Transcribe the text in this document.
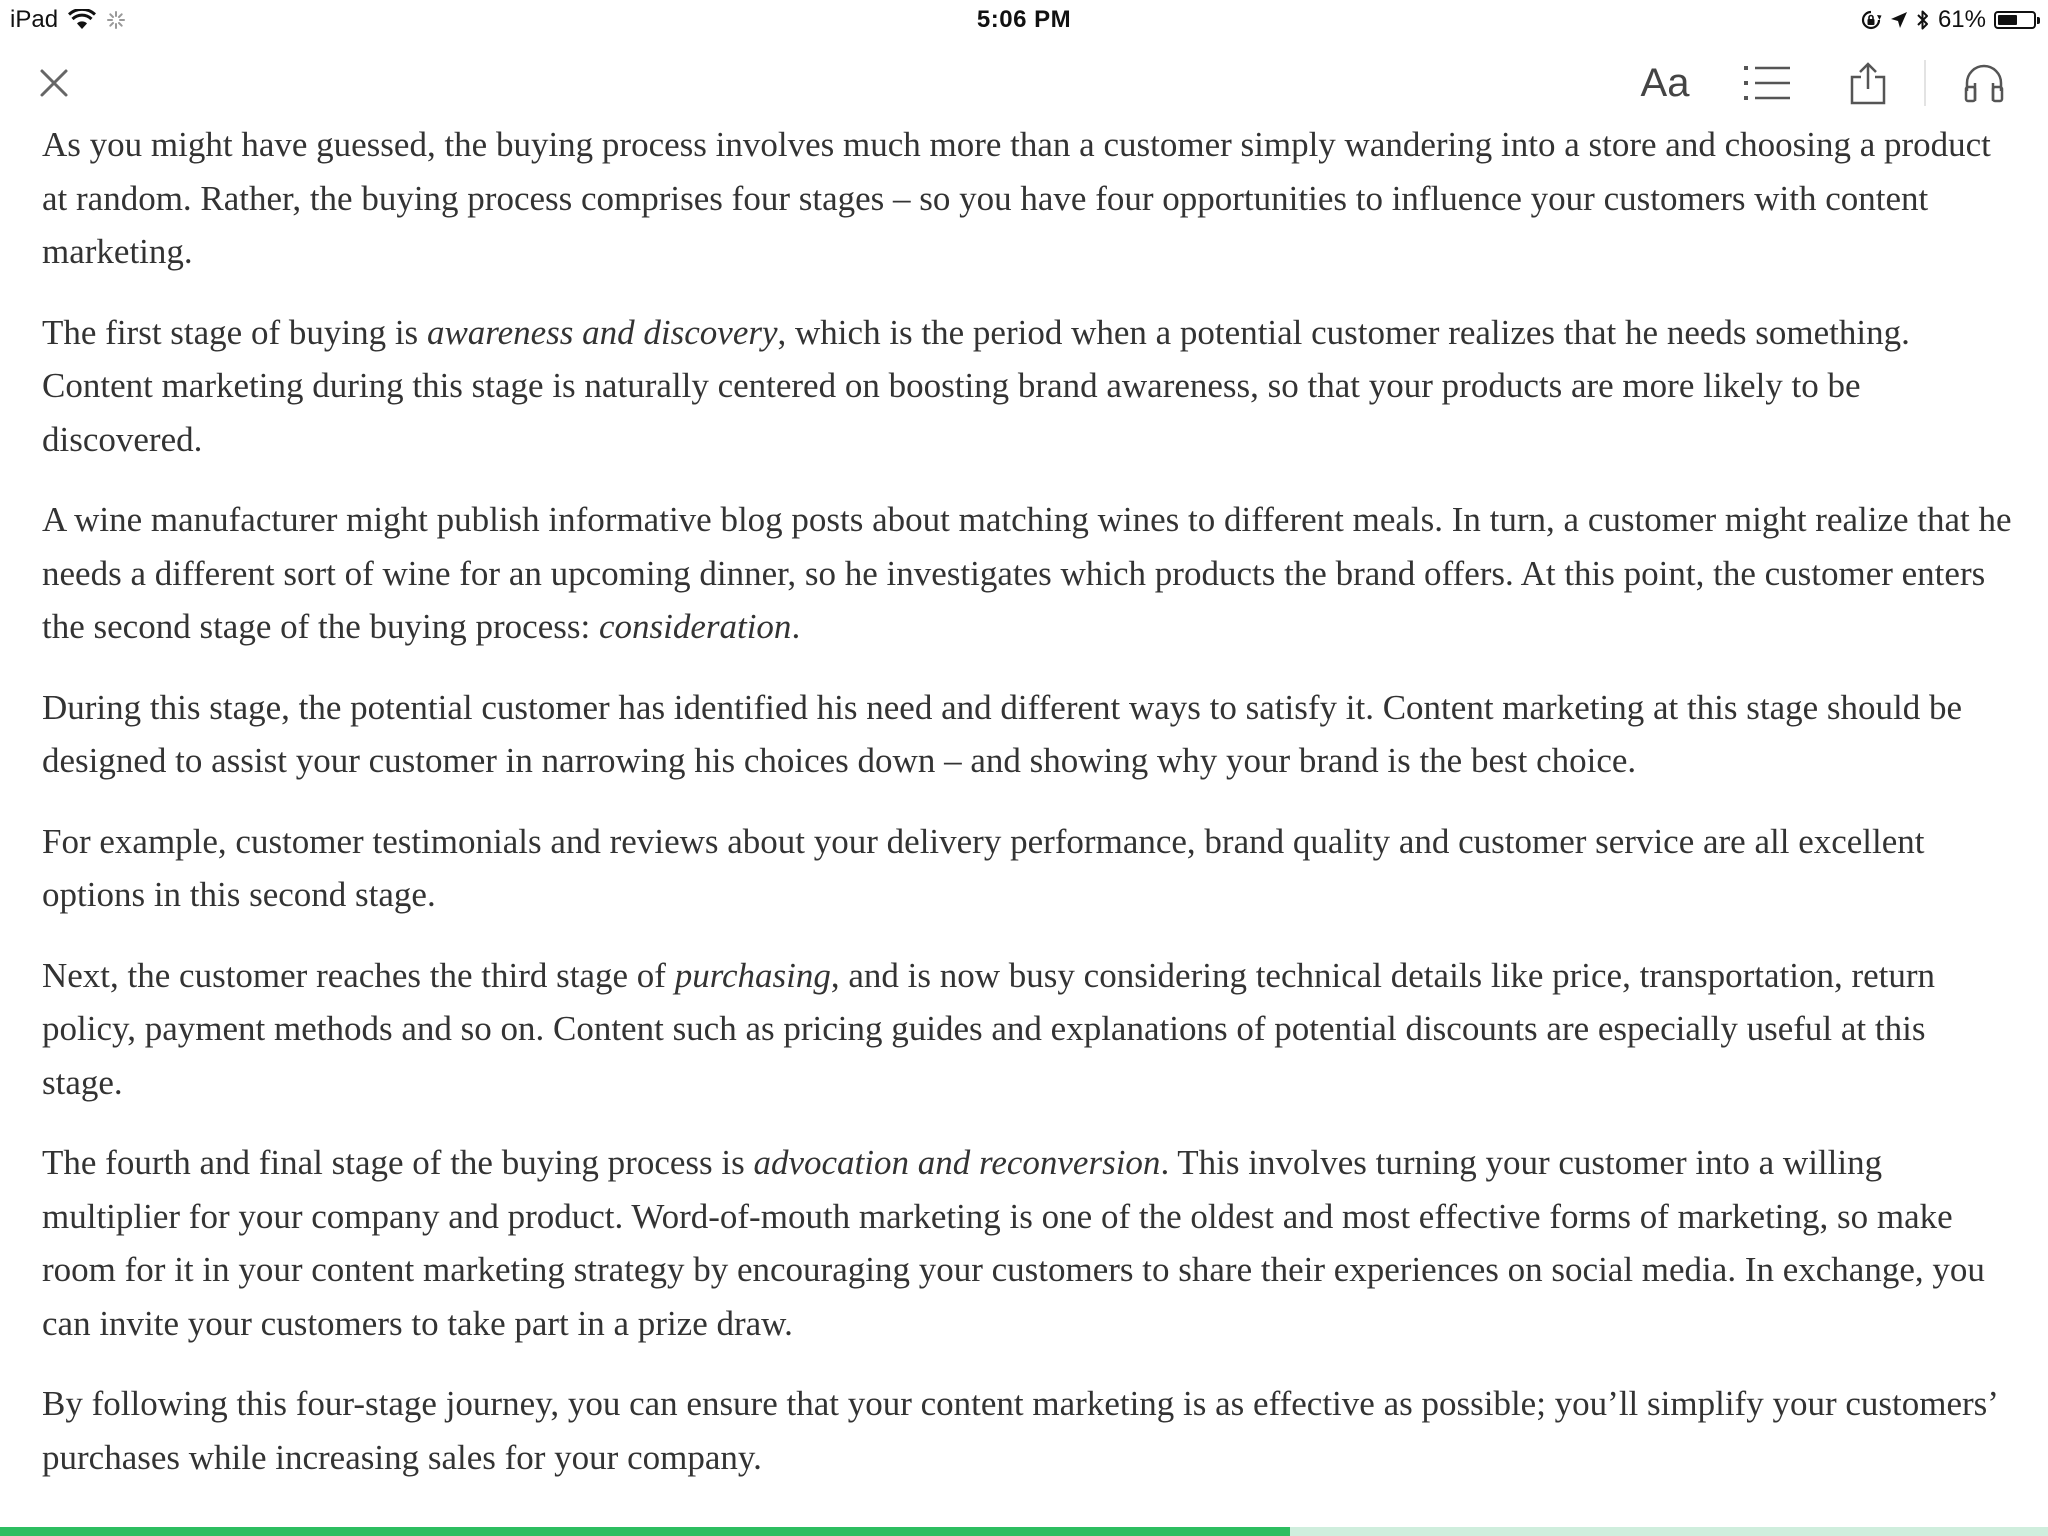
iPad	5:06 PM	61%
Aa

As you might have guessed, the buying process involves much more than a customer simply wandering into a store and choosing a product at random. Rather, the buying process comprises four stages – so you have four opportunities to influence your customers with content marketing.

The first stage of buying is awareness and discovery, which is the period when a potential customer realizes that he needs something. Content marketing during this stage is naturally centered on boosting brand awareness, so that your products are more likely to be discovered.

A wine manufacturer might publish informative blog posts about matching wines to different meals. In turn, a customer might realize that he needs a different sort of wine for an upcoming dinner, so he investigates which products the brand offers. At this point, the customer enters the second stage of the buying process: consideration.

During this stage, the potential customer has identified his need and different ways to satisfy it. Content marketing at this stage should be designed to assist your customer in narrowing his choices down – and showing why your brand is the best choice.

For example, customer testimonials and reviews about your delivery performance, brand quality and customer service are all excellent options in this second stage.

Next, the customer reaches the third stage of purchasing, and is now busy considering technical details like price, transportation, return policy, payment methods and so on. Content such as pricing guides and explanations of potential discounts are especially useful at this stage.

The fourth and final stage of the buying process is advocation and reconversion. This involves turning your customer into a willing multiplier for your company and product. Word-of-mouth marketing is one of the oldest and most effective forms of marketing, so make room for it in your content marketing strategy by encouraging your customers to share their experiences on social media. In exchange, you can invite your customers to take part in a prize draw.

By following this four-stage journey, you can ensure that your content marketing is as effective as possible; you’ll simplify your customers’ purchases while increasing sales for your company.
